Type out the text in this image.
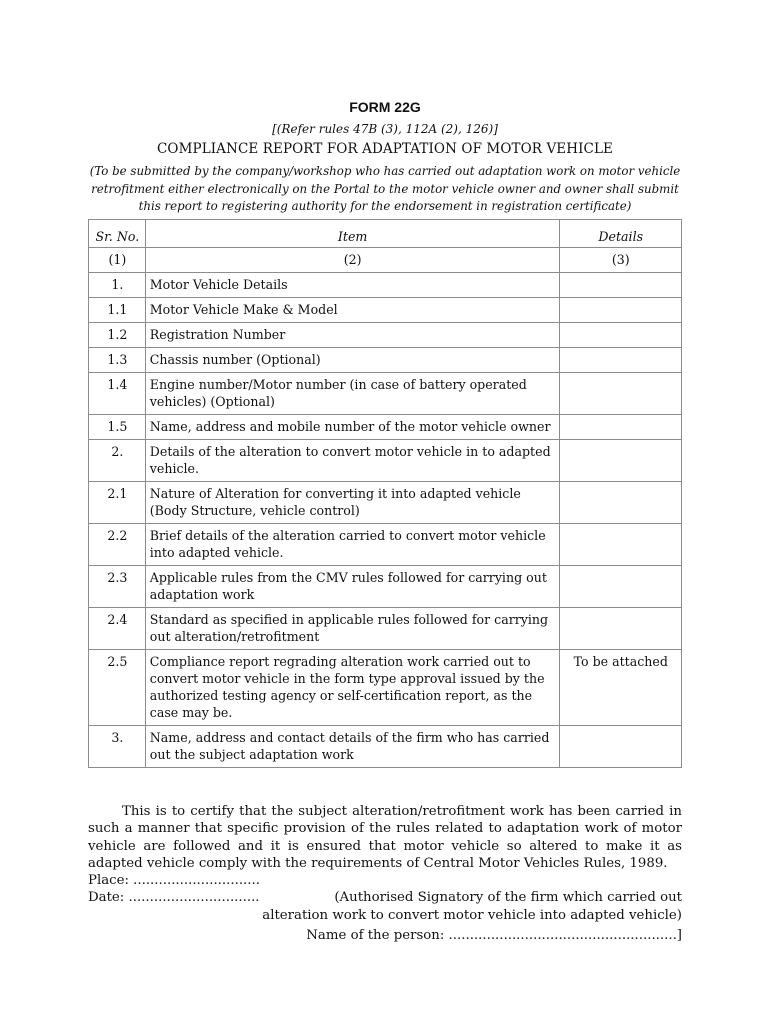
FORM 22G
[(Refer rules 47B (3), 112A (2), 126)]
COMPLIANCE REPORT FOR ADAPTATION OF MOTOR VEHICLE
(To be submitted by the company/workshop who has carried out adaptation work on motor vehicle retrofitment either electronically on the Portal to the motor vehicle owner and owner shall submit this report to registering authority for the endorsement in registration certificate)
Sr. No.	Item	Details
(1)	(2)	(3)
1.	Motor Vehicle Details	
1.1	Motor Vehicle Make & Model	
1.2	Registration Number	
1.3	Chassis number (Optional)	
1.4	Engine number/Motor number (in case of battery operated vehicles) (Optional)	
1.5	Name, address and mobile number of the motor vehicle owner	
2.	Details of the alteration to convert motor vehicle in to adapted vehicle.	
2.1	Nature of Alteration for converting it into adapted vehicle (Body Structure, vehicle control)	
2.2	Brief details of the alteration carried to convert motor vehicle into adapted vehicle.	
2.3	Applicable rules from the CMV rules followed for carrying out adaptation work	
2.4	Standard as specified in applicable rules followed for carrying out alteration/retrofitment	
2.5	Compliance report regrading alteration work carried out to convert motor vehicle in the form type approval issued by the authorized testing agency or self-certification report, as the case may be.	To be attached
3.	Name, address and contact details of the firm who has carried out the subject adaptation work	

This is to certify that the subject alteration/retrofitment work has been carried in such a manner that specific provision of the rules related to adaptation work of motor vehicle are followed and it is ensured that motor vehicle so altered to make it as adapted vehicle comply with the requirements of Central Motor Vehicles Rules, 1989.

Place: ..............................
Date: ...............................	(Authorised Signatory of the firm which carried out
alteration work to convert motor vehicle into adapted vehicle)
Name of the person: ......................................................]
